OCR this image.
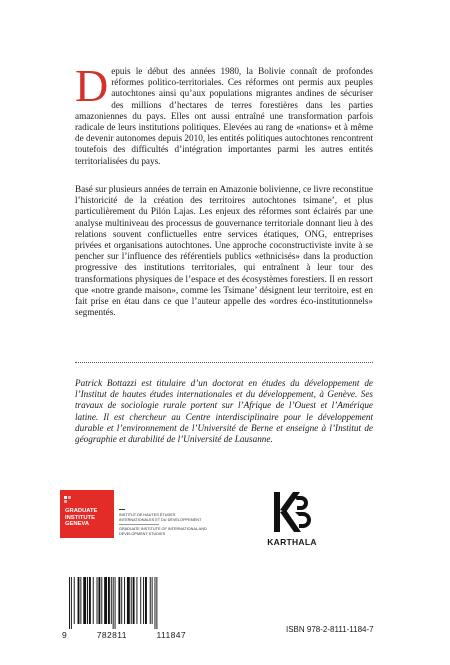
Depuis le début des années 1980, la Bolivie connaît de profondes réformes politico-territoriales. Ces réformes ont permis aux peuples autochtones ainsi qu’aux populations migrantes andines de sécuriser des millions d’hectares de terres forestières dans les parties amazoniennes du pays. Elles ont aussi entraîné une transformation parfois radicale de leurs institutions politiques. Elevées au rang de «nations» et à même de devenir autonomes depuis 2010, les entités politiques autochtones rencontrent toutefois des difficultés d’intégration importantes parmi les autres entités territorialisées du pays.
Basé sur plusieurs années de terrain en Amazonie bolivienne, ce livre reconstitue l’historicité de la création des territoires autochtones tsimane’, et plus particulièrement du Pilón Lajas. Les enjeux des réformes sont éclairés par une analyse multiniveau des processus de gouvernance territoriale donnant lieu à des relations souvent conflictuelles entre services étatiques, ONG, entreprises privées et organisations autochtones. Une approche coconstructiviste invite à se pencher sur l’influence des référentiels publics «ethnicisés» dans la production progressive des institutions territoriales, qui entraînent à leur tour des transformations physiques de l’espace et des écosystèmes forestiers. Il en ressort que «notre grande maison», comme les Tsimane’ désignent leur territoire, est en fait prise en étau dans ce que l’auteur appelle des «ordres éco-institutionnels» segmentés.
Patrick Bottazzi est titulaire d’un doctorat en études du développement de l’Institut de hautes études internationales et du développement, à Genève. Ses travaux de sociologie rurale portent sur l’Afrique de l’Ouest et l’Amérique latine. Il est chercheur au Centre interdisciplinaire pour le développement durable et l’environnement de l’Université de Berne et enseigne à l’Institut de géographie et durabilité de l’Université de Lausanne.
GRADUATE
INSTITUTE
GENEVA
INSTITUT DE HAUTES ÉTUDES INTERNATIONALES ET DU DÉVELOPPEMENT
GRADUATE INSTITUTE OF INTERNATIONAL AND DEVELOPMENT STUDIES
KARTHALA
9	782811	111847
ISBN 978-2-8111-1184-7
